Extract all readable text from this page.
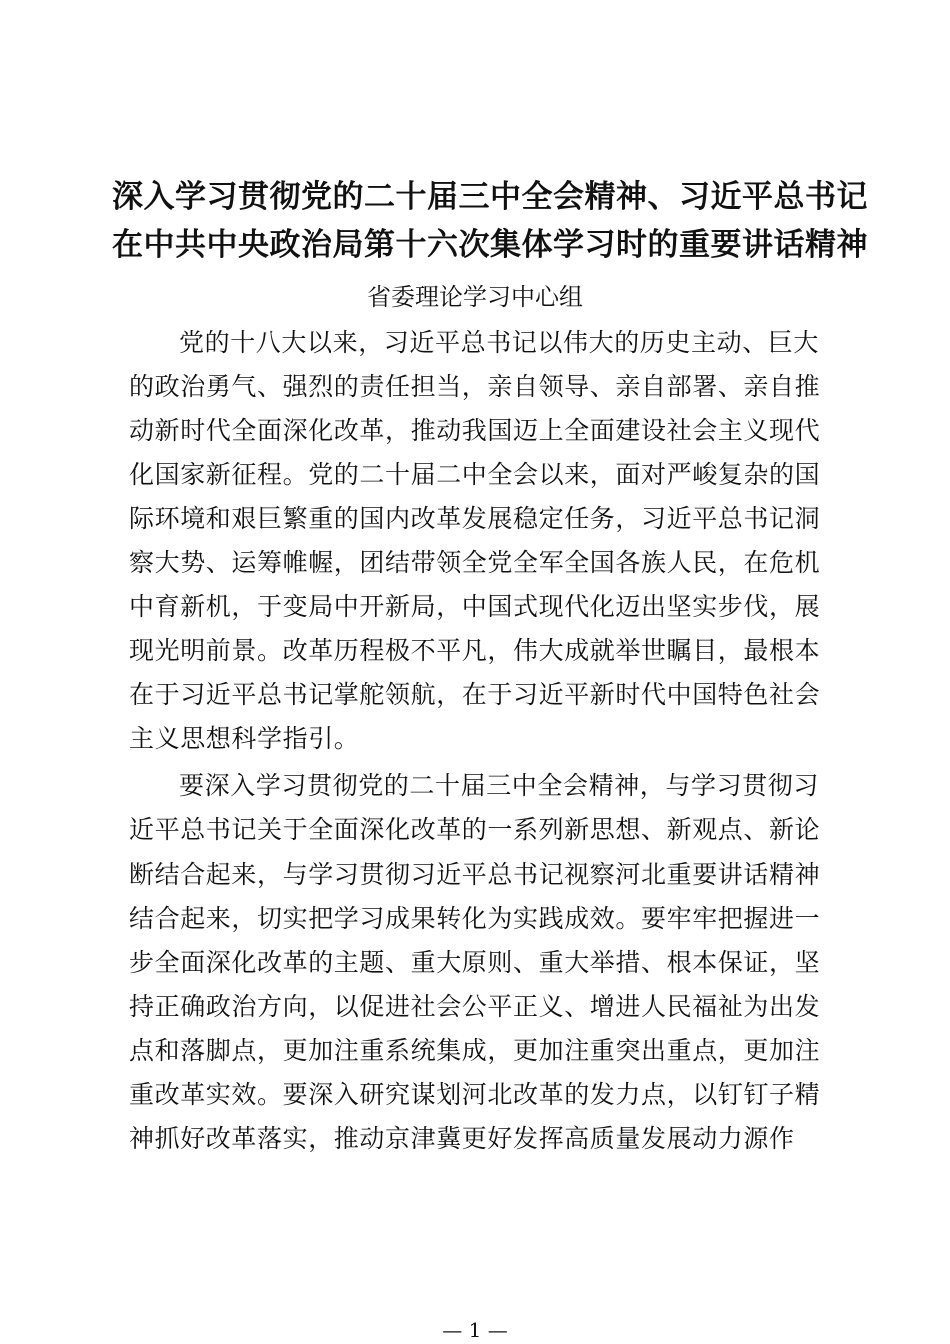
深入学习贯彻党的二十届三中全会精神、习近平总书记
在中共中央政治局第十六次集体学习时的重要讲话精神
省委理论学习中心组
党的十八大以来，习近平总书记以伟大的历史主动、巨大
的政治勇气、强烈的责任担当，亲自领导、亲自部署、亲自推
动新时代全面深化改革，推动我国迈上全面建设社会主义现代
化国家新征程。党的二十届二中全会以来，面对严峻复杂的国
际环境和艰巨繁重的国内改革发展稳定任务，习近平总书记洞
察大势、运筹帷幄，团结带领全党全军全国各族人民，在危机
中育新机，于变局中开新局，中国式现代化迈出坚实步伐，展
现光明前景。改革历程极不平凡，伟大成就举世瞩目，最根本
在于习近平总书记掌舵领航，在于习近平新时代中国特色社会
主义思想科学指引。
要深入学习贯彻党的二十届三中全会精神，与学习贯彻习
近平总书记关于全面深化改革的一系列新思想、新观点、新论
断结合起来，与学习贯彻习近平总书记视察河北重要讲话精神
结合起来，切实把学习成果转化为实践成效。要牢牢把握进一
步全面深化改革的主题、重大原则、重大举措、根本保证，坚
持正确政治方向，以促进社会公平正义、增进人民福祉为出发
点和落脚点，更加注重系统集成，更加注重突出重点，更加注
重改革实效。要深入研究谋划河北改革的发力点，以钉钉子精
神抓好改革落实，推动京津冀更好发挥高质量发展动力源作
— 1 —
